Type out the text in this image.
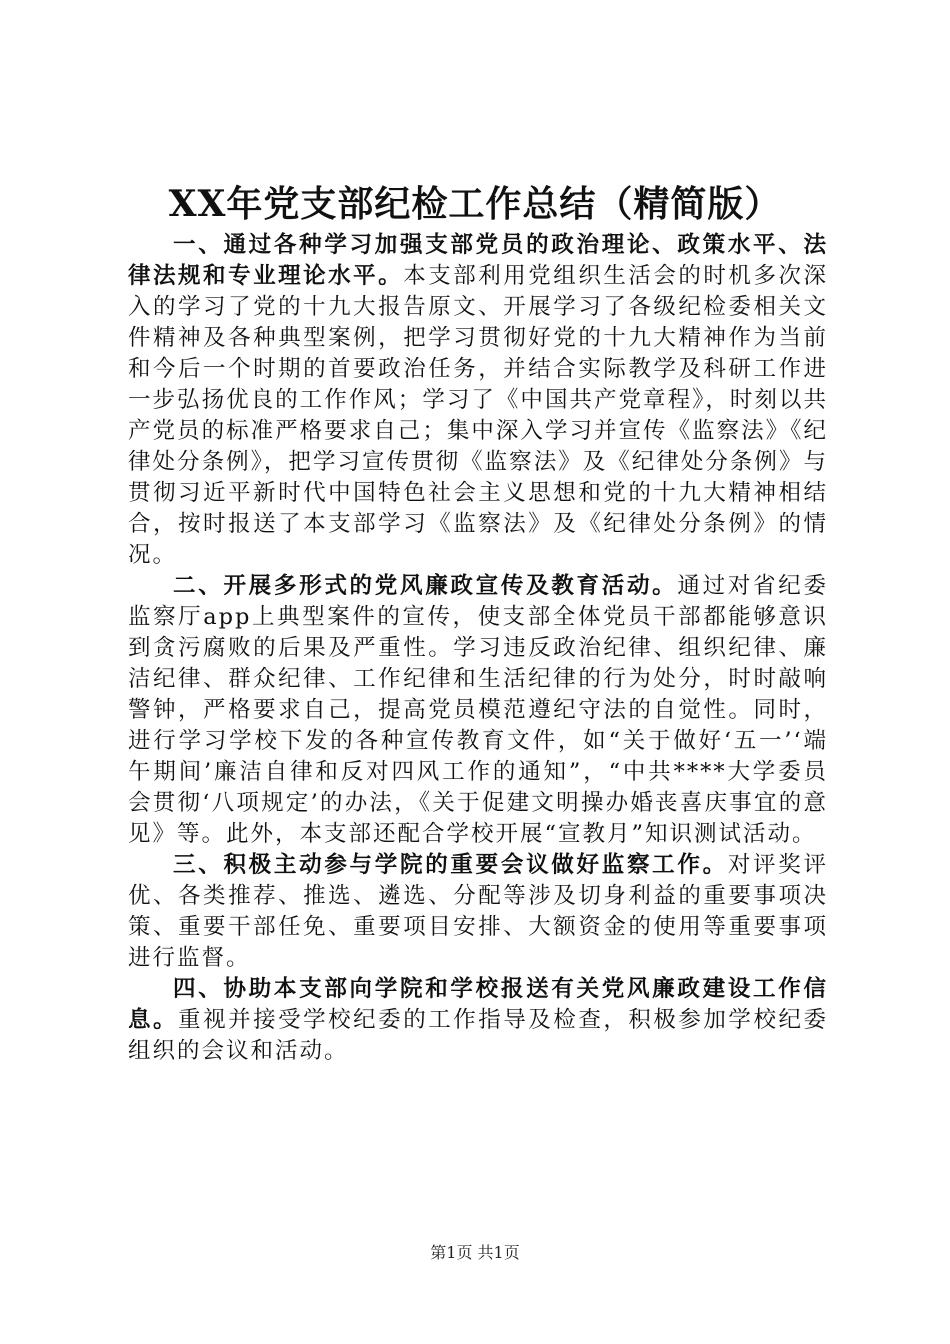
XX年党支部纪检工作总结（精简版）

一、通过各种学习加强支部党员的政治理论、政策水平、法律法规和专业理论水平。本支部利用党组织生活会的时机多次深入的学习了党的十九大报告原文、开展学习了各级纪检委相关文件精神及各种典型案例，把学习贯彻好党的十九大精神作为当前和今后一个时期的首要政治任务，并结合实际教学及科研工作进一步弘扬优良的工作作风；学习了《中国共产党章程》，时刻以共产党员的标准严格要求自己；集中深入学习并宣传《监察法》《纪律处分条例》，把学习宣传贯彻《监察法》及《纪律处分条例》与贯彻习近平新时代中国特色社会主义思想和党的十九大精神相结合，按时报送了本支部学习《监察法》及《纪律处分条例》的情况。

二、开展多形式的党风廉政宣传及教育活动。通过对省纪委监察厅app上典型案件的宣传，使支部全体党员干部都能够意识到贪污腐败的后果及严重性。学习违反政治纪律、组织纪律、廉洁纪律、群众纪律、工作纪律和生活纪律的行为处分，时时敲响警钟，严格要求自己，提高党员模范遵纪守法的自觉性。同时，进行学习学校下发的各种宣传教育文件，如“关于做好‘五一’‘端午期间’廉洁自律和反对四风工作的通知”，“中共****大学委员会贯彻‘八项规定’的办法，《关于促建文明操办婚丧喜庆事宜的意见》等。此外，本支部还配合学校开展“宣教月”知识测试活动。

三、积极主动参与学院的重要会议做好监察工作。对评奖评优、各类推荐、推选、遴选、分配等涉及切身利益的重要事项决策、重要干部任免、重要项目安排、大额资金的使用等重要事项进行监督。

四、协助本支部向学院和学校报送有关党风廉政建设工作信息。重视并接受学校纪委的工作指导及检查，积极参加学校纪委组织的会议和活动。

第1页 共1页
